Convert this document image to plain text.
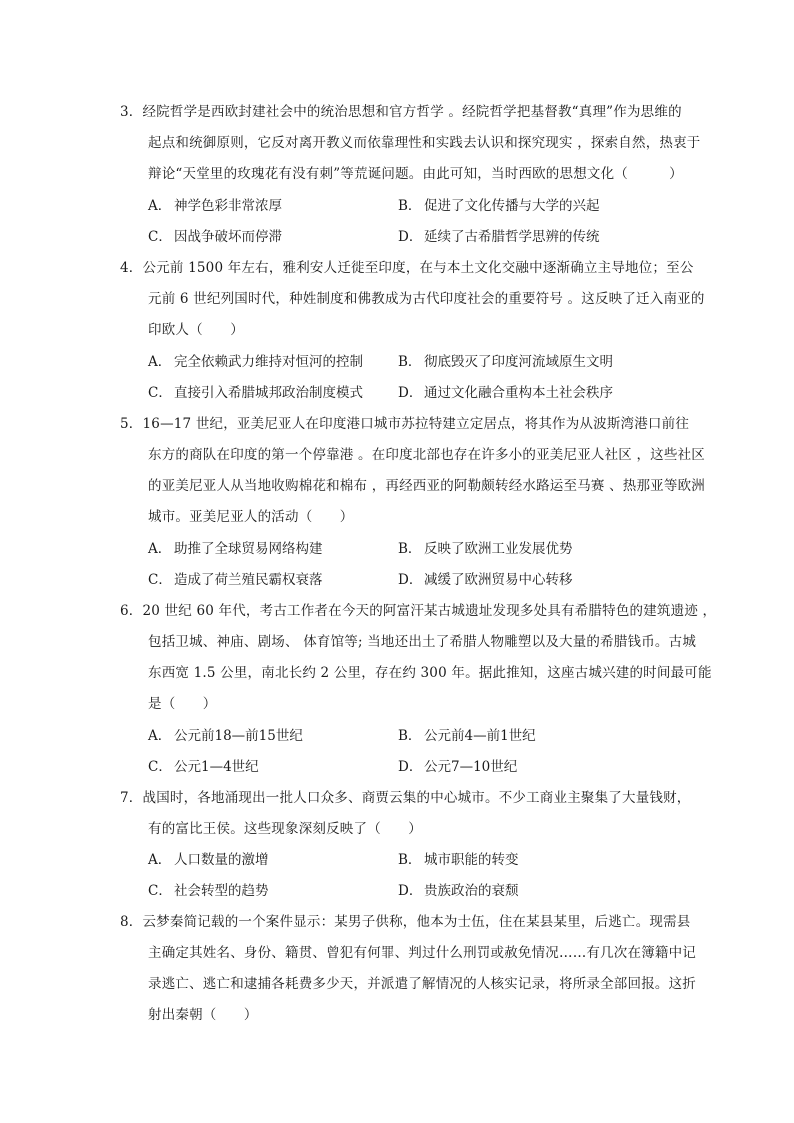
3．经院哲学是西欧封建社会中的统治思想和官方哲学 。经院哲学把基督教“真理”作为思维的
起点和统御原则，它反对离开教义而依靠理性和实践去认识和探究现实 ，探索自然，热衷于
辩论“天堂里的玫瑰花有没有刺”等荒诞问题。由此可知，当时西欧的思想文化（　　　）
A． 神学色彩非常浓厚	B． 促进了文化传播与大学的兴起
C． 因战争破坏而停滞	D． 延续了古希腊哲学思辨的传统
4．公元前 1500 年左右，雅利安人迁徙至印度，在与本土文化交融中逐渐确立主导地位；至公
元前 6 世纪列国时代，种姓制度和佛教成为古代印度社会的重要符号 。这反映了迁入南亚的
印欧人（　　）
A． 完全依赖武力维持对恒河的控制	B． 彻底毁灭了印度河流域原生文明
C． 直接引入希腊城邦政治制度模式	D． 通过文化融合重构本土社会秩序
5．16—17 世纪，亚美尼亚人在印度港口城市苏拉特建立定居点，将其作为从波斯湾港口前往
东方的商队在印度的第一个停靠港 。在印度北部也存在许多小的亚美尼亚人社区 ，这些社区
的亚美尼亚人从当地收购棉花和棉布 ，再经西亚的阿勒颇转经水路运至马赛 、热那亚等欧洲
城市。亚美尼亚人的活动（　　）
A． 助推了全球贸易网络构建	B． 反映了欧洲工业发展优势
C． 造成了荷兰殖民霸权衰落	D． 减缓了欧洲贸易中心转移
6．20 世纪 60 年代，考古工作者在今天的阿富汗某古城遗址发现多处具有希腊特色的建筑遗迹 ，
包括卫城、神庙、剧场、 体育馆等; 当地还出土了希腊人物雕塑以及大量的希腊钱币。古城
东西宽 1.5 公里，南北长约 2 公里，存在约 300 年。据此推知，这座古城兴建的时间最可能
是（　　）
A． 公元前18—前15世纪	B． 公元前4—前1世纪
C． 公元1—4世纪	D． 公元7—10世纪
7．战国时，各地涌现出一批人口众多、商贾云集的中心城市。不少工商业主聚集了大量钱财，
有的富比王侯。这些现象深刻反映了（　　）
A． 人口数量的激增	B． 城市职能的转变
C． 社会转型的趋势	D． 贵族政治的衰颓
8．云梦秦简记载的一个案件显示：某男子供称，他本为士伍，住在某县某里，后逃亡。现需县
主确定其姓名、身份、籍贯、曾犯有何罪、判过什么刑罚或赦免情况……有几次在簿籍中记
录逃亡、逃亡和逮捕各耗费多少天，并派遣了解情况的人核实记录，将所录全部回报。这折
射出秦朝（　　）
